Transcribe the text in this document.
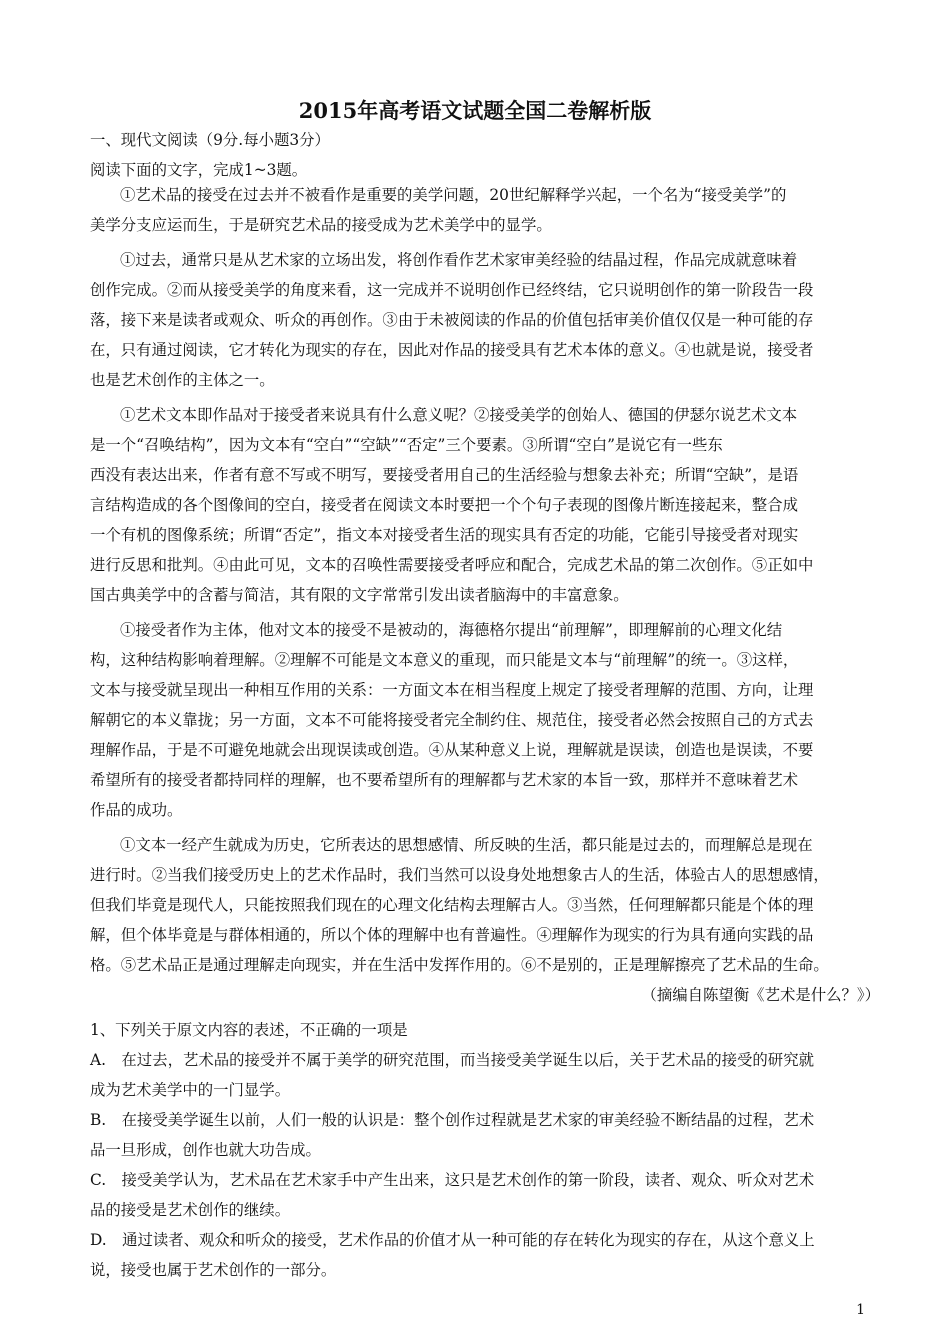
2015年高考语文试题全国二卷解析版
一、现代文阅读（9分.每小题3分）
阅读下面的文字，完成1~3题。
①艺术品的接受在过去并不被看作是重要的美学问题，20世纪解释学兴起，一个名为“接受美学”的
美学分支应运而生，于是研究艺术品的接受成为艺术美学中的显学。
①过去，通常只是从艺术家的立场出发，将创作看作艺术家审美经验的结晶过程，作品完成就意味着
创作完成。②而从接受美学的角度来看，这一完成并不说明创作已经终结，它只说明创作的第一阶段告一段
落，接下来是读者或观众、听众的再创作。③由于未被阅读的作品的价值包括审美价值仅仅是一种可能的存
在，只有通过阅读，它才转化为现实的存在，因此对作品的接受具有艺术本体的意义。④也就是说，接受者
也是艺术创作的主体之一。
①艺术文本即作品对于接受者来说具有什么意义呢？②接受美学的创始人、德国的伊瑟尔说艺术文本
是一个“召唤结构”，因为文本有“空白”“空缺”“否定”三个要素。③所谓“空白”是说它有一些东
西没有表达出来，作者有意不写或不明写，要接受者用自己的生活经验与想象去补充；所谓“空缺”，是语
言结构造成的各个图像间的空白，接受者在阅读文本时要把一个个句子表现的图像片断连接起来，整合成
一个有机的图像系统；所谓“否定”，指文本对接受者生活的现实具有否定的功能，它能引导接受者对现实
进行反思和批判。④由此可见，文本的召唤性需要接受者呼应和配合，完成艺术品的第二次创作。⑤正如中
国古典美学中的含蓄与简洁，其有限的文字常常引发出读者脑海中的丰富意象。
①接受者作为主体，他对文本的接受不是被动的，海德格尔提出“前理解”，即理解前的心理文化结
构，这种结构影响着理解。②理解不可能是文本意义的重现，而只能是文本与“前理解”的统一。③这样，
文本与接受就呈现出一种相互作用的关系：一方面文本在相当程度上规定了接受者理解的范围、方向，让理
解朝它的本义靠拢；另一方面，文本不可能将接受者完全制约住、规范住，接受者必然会按照自己的方式去
理解作品，于是不可避免地就会出现误读或创造。④从某种意义上说，理解就是误读，创造也是误读，不要
希望所有的接受者都持同样的理解，也不要希望所有的理解都与艺术家的本旨一致，那样并不意味着艺术
作品的成功。
①文本一经产生就成为历史，它所表达的思想感情、所反映的生活，都只能是过去的，而理解总是现在
进行时。②当我们接受历史上的艺术作品时，我们当然可以设身处地想象古人的生活，体验古人的思想感情，
但我们毕竟是现代人，只能按照我们现在的心理文化结构去理解古人。③当然，任何理解都只能是个体的理
解，但个体毕竟是与群体相通的，所以个体的理解中也有普遍性。④理解作为现实的行为具有通向实践的品
格。⑤艺术品正是通过理解走向现实，并在生活中发挥作用的。⑥不是别的，正是理解擦亮了艺术品的生命。
（摘编自陈望衡《艺术是什么？》）
1、下列关于原文内容的表述，不正确的一项是
A.　在过去，艺术品的接受并不属于美学的研究范围，而当接受美学诞生以后，关于艺术品的接受的研究就
成为艺术美学中的一门显学。
B.　在接受美学诞生以前，人们一般的认识是：整个创作过程就是艺术家的审美经验不断结晶的过程，艺术
品一旦形成，创作也就大功告成。
C.　接受美学认为，艺术品在艺术家手中产生出来，这只是艺术创作的第一阶段，读者、观众、听众对艺术
品的接受是艺术创作的继续。
D.　通过读者、观众和听众的接受，艺术作品的价值才从一种可能的存在转化为现实的存在，从这个意义上
说，接受也属于艺术创作的一部分。
1
